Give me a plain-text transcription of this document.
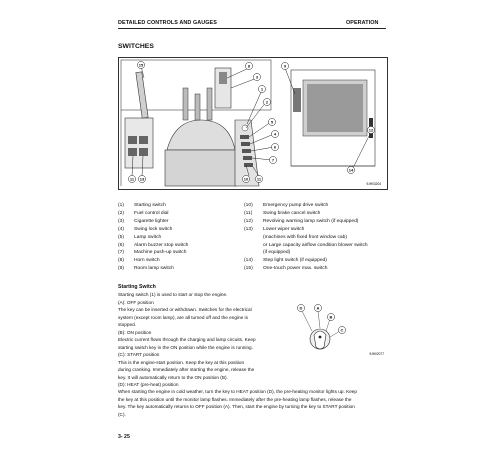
DETAILED CONTROLS AND GAUGES	OPERATION
SWITCHES
15	8
3
1
2
5
4
6
7
9
11 13	10 11
12
14
9JH03204
(1)	Starting switch
(2)	Fuel control dial
(3)	Cigarette lighter
(4)	Swing lock switch
(5)	Lamp switch
(6)	Alarm buzzer stop switch
(7)	Machine push-up switch
(8)	Horn switch
(9)	Room lamp switch
(10)	Emergency pump drive switch
(11)	Swing brake cancel switch
(12)	Revolving warning lamp switch (if equipped)
(13)	Lower wiper switch
(machines with fixed front window cab)
or Large capacity airflow condition blower switch
(if equipped)
(14)	Step light switch (if equipped)
(15)	One-touch power max. switch
Starting Switch
Starting switch (1) is used to start or stop the engine.
(A): OFF position
The key can be inserted or withdrawn. Switches for the electrical
system (except room lamp), are all turned off and the engine is
stopped.
(B): ON position
Electric current flows through the charging and lamp circuits. Keep
starting switch key in the ON position while the engine is running.
(C): START position
This is the engine-start position. Keep the key at this position
during cranking. Immediately after starting the engine, release the
key. It will automatically return to the ON position (B).
(D): HEAT (pre-heat) position
When starting the engine in cold weather, turn the key to HEAT position (D), the pre-heating monitor lights up. Keep
the key at this position until the monitor lamp flashes. Immediately after the pre-heating lamp flashes, release the
key. The key automatically returns to OFF position (A). Then, start the engine by turning the key to START position
(C).
D	A
B
C
9JH02077
3- 25
